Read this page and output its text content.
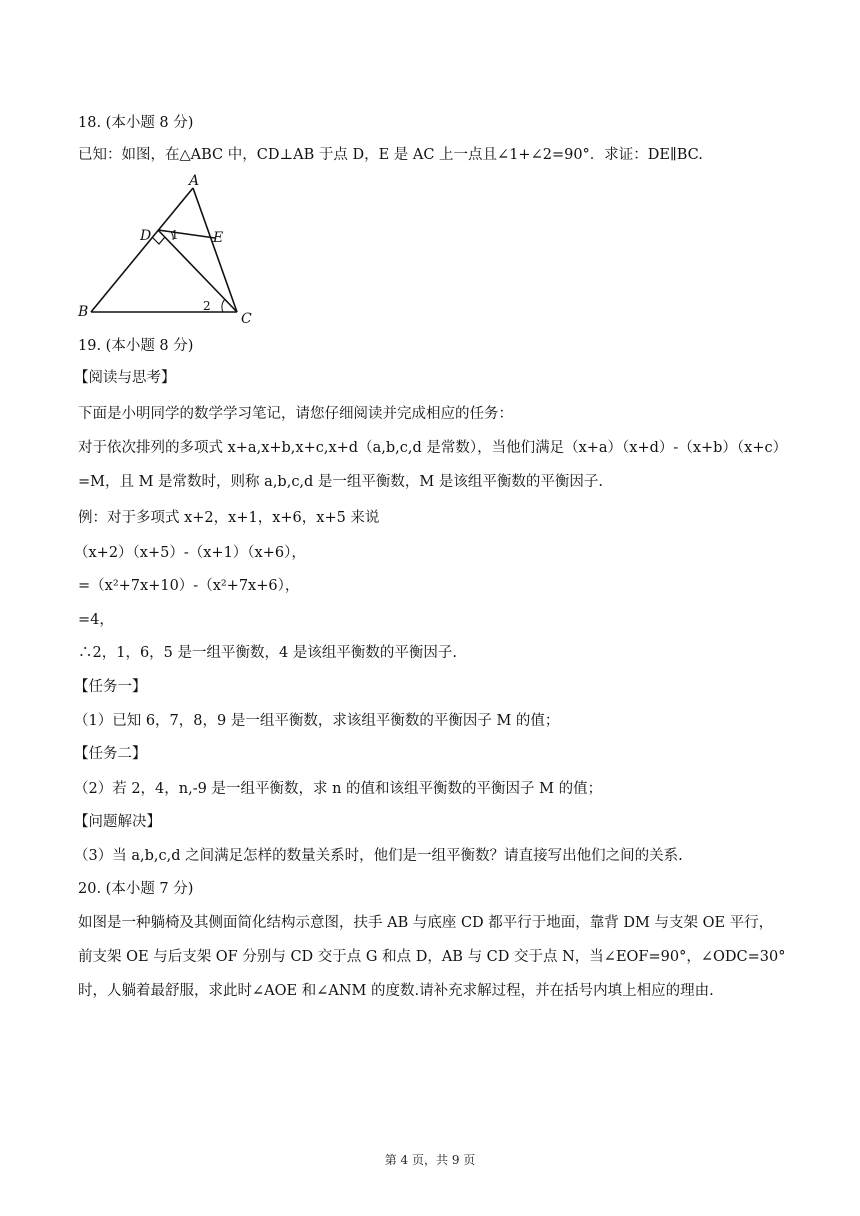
18. (本小题 8 分)
已知：如图，在△ABC 中，CD⊥AB 于点 D，E 是 AC 上一点且∠1+∠2=90°．求证：DE∥BC.
A
D	E
B	C
1
2
19. (本小题 8 分)
【阅读与思考】
下面是小明同学的数学学习笔记，请您仔细阅读并完成相应的任务：
对于依次排列的多项式 x+a,x+b,x+c,x+d（a,b,c,d 是常数），当他们满足（x+a）（x+d）-（x+b）（x+c）
=M，且 M 是常数时，则称 a,b,c,d 是一组平衡数，M 是该组平衡数的平衡因子.
例：对于多项式 x+2，x+1，x+6，x+5 来说
（x+2）（x+5）-（x+1）（x+6），
=（x²+7x+10）-（x²+7x+6），
=4，
∴2，1，6，5 是一组平衡数，4 是该组平衡数的平衡因子.
【任务一】
（1）已知 6，7，8，9 是一组平衡数，求该组平衡数的平衡因子 M 的值；
【任务二】
（2）若 2，4，n,-9 是一组平衡数，求 n 的值和该组平衡数的平衡因子 M 的值；
【问题解决】
（3）当 a,b,c,d 之间满足怎样的数量关系时，他们是一组平衡数？请直接写出他们之间的关系.
20. (本小题 7 分)
如图是一种躺椅及其侧面简化结构示意图，扶手 AB 与底座 CD 都平行于地面，靠背 DM 与支架 OE 平行，
前支架 OE 与后支架 OF 分别与 CD 交于点 G 和点 D，AB 与 CD 交于点 N，当∠EOF=90°，∠ODC=30°
时，人躺着最舒服，求此时∠AOE 和∠ANM 的度数.请补充求解过程，并在括号内填上相应的理由.
第 4 页，共 9 页
